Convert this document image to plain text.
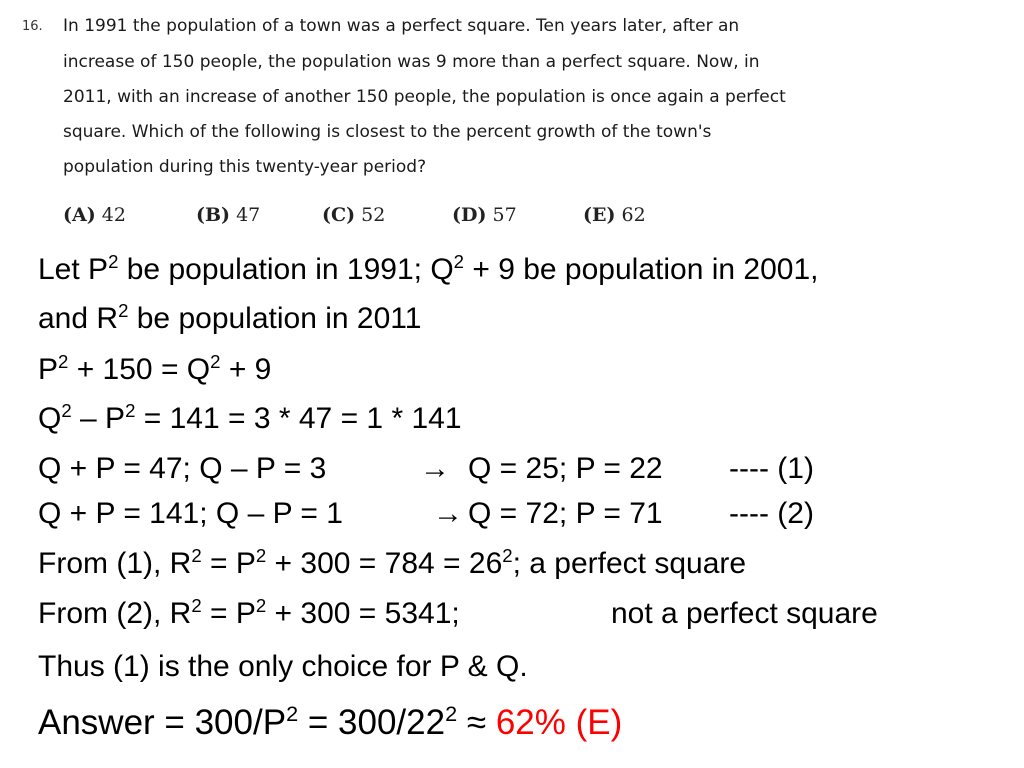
16. In 1991 the population of a town was a perfect square. Ten years later, after an
increase of 150 people, the population was 9 more than a perfect square. Now, in
2011, with an increase of another 150 people, the population is once again a perfect
square. Which of the following is closest to the percent growth of the town's
population during this twenty-year period?
(A) 42	(B) 47	(C) 52	(D) 57	(E) 62
Let $P^2$ be population in 1991; $Q^2 + 9$ be population in 2001,
and $R^2$ be population in 2011
$P^2 + 150 = Q^2 + 9$
$Q^2 - P^2 = 141 = 3 * 47 = 1 * 141$
Q + P = 47; Q – P = 3	→ Q = 25; P = 22 ---- (1)
Q + P = 141; Q – P = 1	→ Q = 72; P = 71 ---- (2)
From (1), $R^2 = P^2 + 300 = 784 = 26^2$; a perfect square
From (2), $R^2 = P^2 + 300 = 5341$;	not a perfect square
Thus (1) is the only choice for P & Q.
Answer = $300/P^2 = 300/22^2 \approx 62\%$ (E)
